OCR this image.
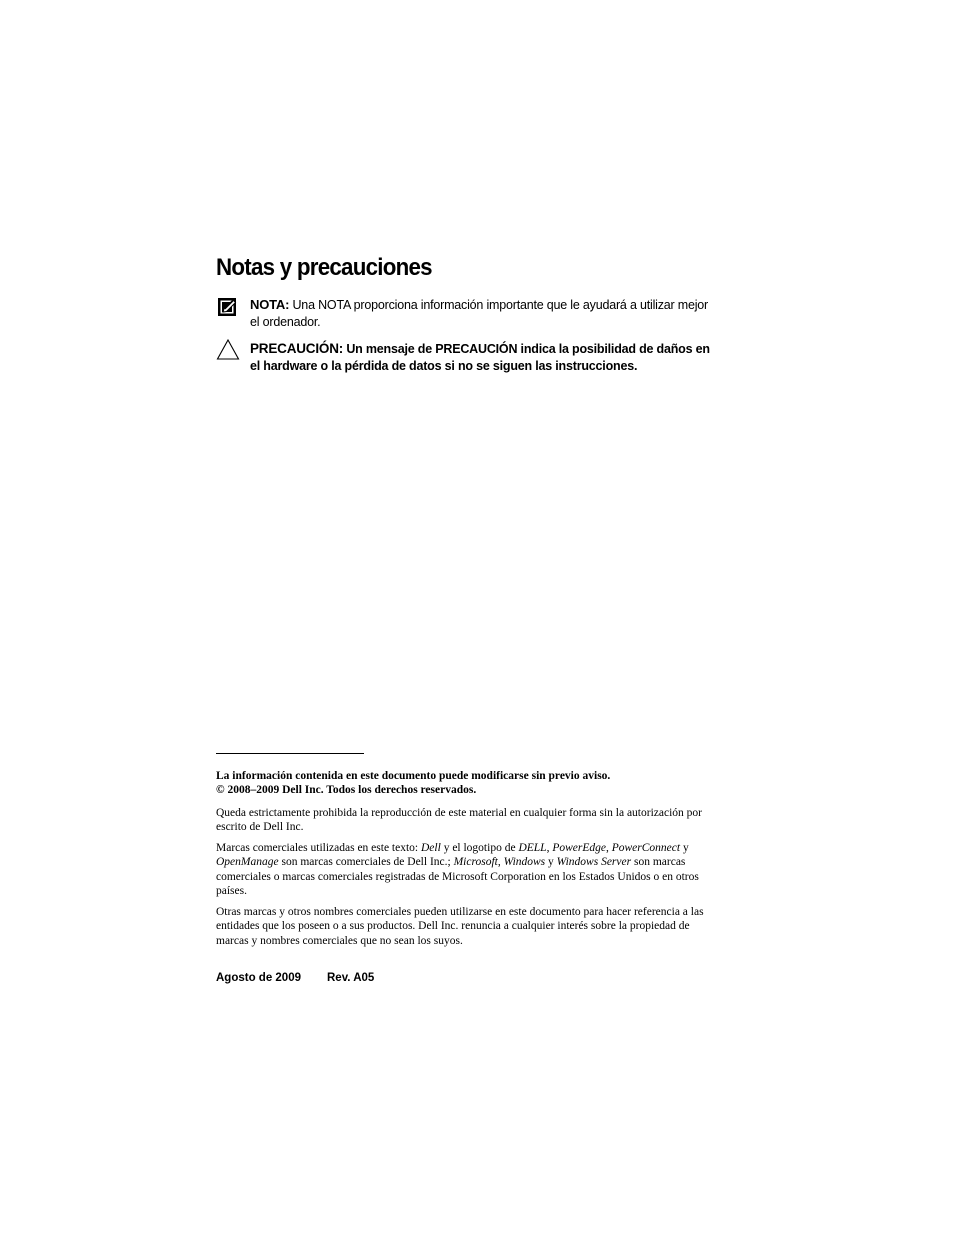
Notas y precauciones
NOTA: Una NOTA proporciona información importante que le ayudará a utilizar mejor el ordenador.
PRECAUCIÓN: Un mensaje de PRECAUCIÓN indica la posibilidad de daños en el hardware o la pérdida de datos si no se siguen las instrucciones.

La información contenida en este documento puede modificarse sin previo aviso.

© 2008–2009 Dell Inc. Todos los derechos reservados.

Queda estrictamente prohibida la reproducción de este material en cualquier forma sin la autorización por escrito de Dell Inc.

Marcas comerciales utilizadas en este texto: Dell y el logotipo de DELL, PowerEdge, PowerConnect y OpenManage son marcas comerciales de Dell Inc.; Microsoft, Windows y Windows Server son marcas comerciales o marcas comerciales registradas de Microsoft Corporation en los Estados Unidos o en otros países.

Otras marcas y otros nombres comerciales pueden utilizarse en este documento para hacer referencia a las entidades que los poseen o a sus productos. Dell Inc. renuncia a cualquier interés sobre la propiedad de marcas y nombres comerciales que no sean los suyos.

Agosto de 2009 Rev. A05
